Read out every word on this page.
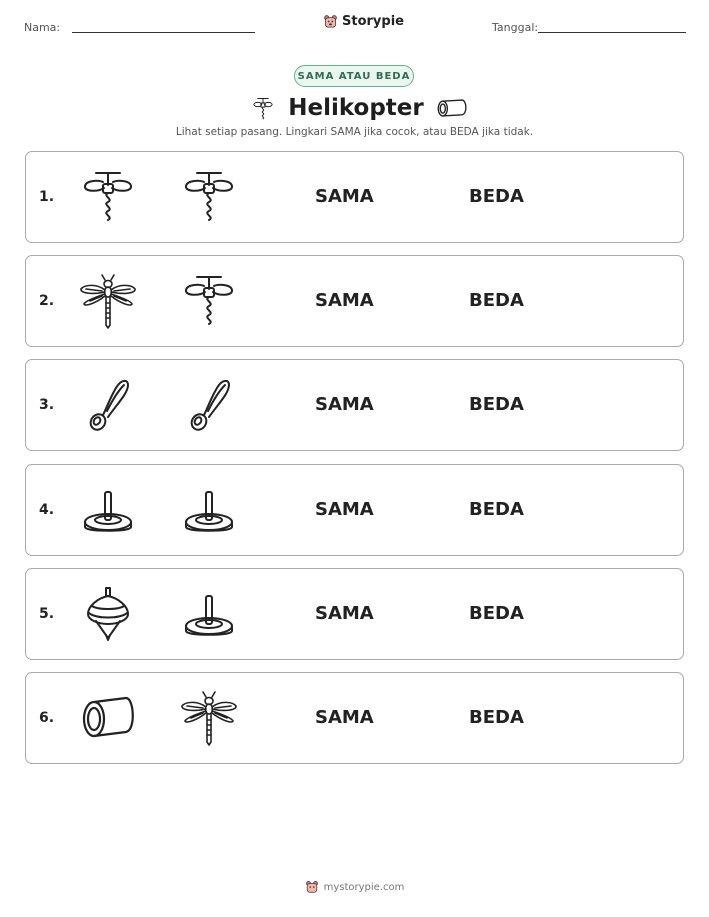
Nama:	Storypie	Tanggal:
SAMA ATAU BEDA
Helikopter
Lihat setiap pasang. Lingkari SAMA jika cocok, atau BEDA jika tidak.
1.	SAMA	BEDA
2.	SAMA	BEDA
3.	SAMA	BEDA
4.	SAMA	BEDA
5.	SAMA	BEDA
6.	SAMA	BEDA
mystorypie.com
